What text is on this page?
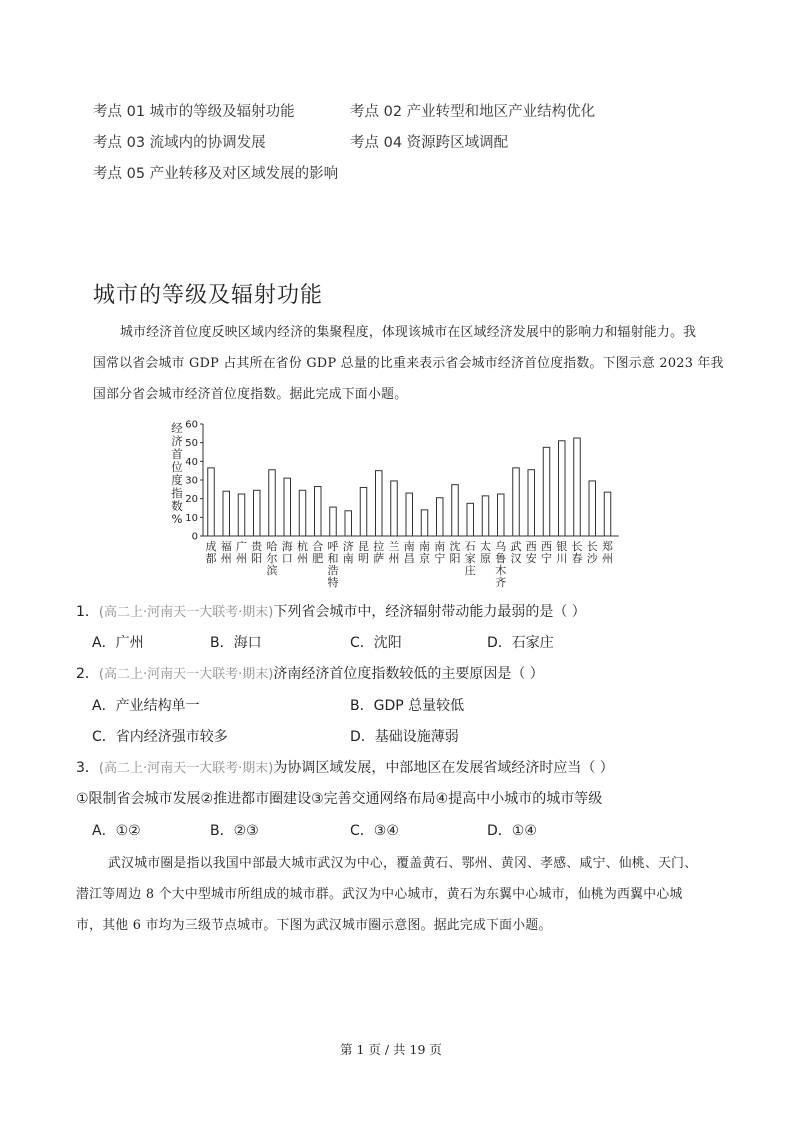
考点 01 城市的等级及辐射功能	考点 02 产业转型和地区产业结构优化
考点 03 流域内的协调发展	考点 04 资源跨区域调配
考点 05 产业转移及对区域发展的影响
城市的等级及辐射功能
城市经济首位度反映区域内经济的集聚程度，体现该城市在区域经济发展中的影响力和辐射能力。我
国常以省会城市 GDP 占其所在省份 GDP 总量的比重来表示省会城市经济首位度指数。下图示意 2023 年我
国部分省会城市经济首位度指数。据此完成下面小题。
0
10
20
30
40
50
60
经
济
首
位
度
指
数
%
成
都
福
州
广
州
贵
阳
哈
尔
滨
海
口
杭
州
合
肥
呼
和
浩
特
济
南
昆
明
拉
萨
兰
州
南
昌
南
京
南
宁
沈
阳
石
家
庄
太
原
乌
鲁
木
齐
武
汉
西
安
西
宁
银
川
长
春
长
沙
郑
州
1．(高二上·河南天一大联考·期末)下列省会城市中，经济辐射带动能力最弱的是（ ）
A．广州	B．海口	C．沈阳	D．石家庄
2．(高二上·河南天一大联考·期末)济南经济首位度指数较低的主要原因是（ ）
A．产业结构单一	B．GDP 总量较低
C．省内经济强市较多	D．基础设施薄弱
3．(高二上·河南天一大联考·期末)为协调区域发展，中部地区在发展省域经济时应当（ ）
①限制省会城市发展②推进都市圈建设③完善交通网络布局④提高中小城市的城市等级
A．①②	B．②③	C．③④	D．①④
武汉城市圈是指以我国中部最大城市武汉为中心，覆盖黄石、鄂州、黄冈、孝感、咸宁、仙桃、天门、
潜江等周边 8 个大中型城市所组成的城市群。武汉为中心城市，黄石为东翼中心城市，仙桃为西翼中心城
市，其他 6 市均为三级节点城市。下图为武汉城市圈示意图。据此完成下面小题。
第 1 页 / 共 19 页
